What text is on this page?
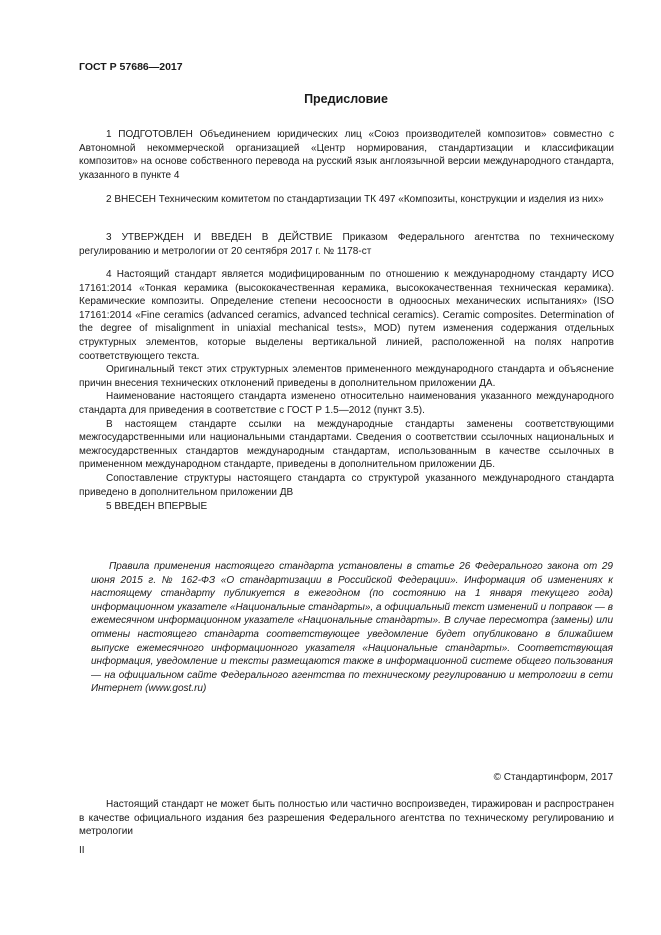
ГОСТ Р 57686—2017
Предисловие

1 ПОДГОТОВЛЕН Объединением юридических лиц «Союз производителей композитов» совместно с Автономной некоммерческой организацией «Центр нормирования, стандартизации и классификации композитов» на основе собственного перевода на русский язык англоязычной версии международного стандарта, указанного в пункте 4

2 ВНЕСЕН Техническим комитетом по стандартизации ТК 497 «Композиты, конструкции и изделия из них»

3 УТВЕРЖДЕН И ВВЕДЕН В ДЕЙСТВИЕ Приказом Федерального агентства по техническому регулированию и метрологии от 20 сентября 2017 г. № 1178-ст

4 Настоящий стандарт является модифицированным по отношению к международному стандарту ИСО 17161:2014 «Тонкая керамика (высококачественная керамика, высококачественная техническая керамика). Керамические композиты. Определение степени несоосности в одноосных механических испытаниях» (ISO 17161:2014 «Fine ceramics (advanced ceramics, advanced technical ceramics). Ceramic composites. Determination of the degree of misalignment in uniaxial mechanical tests», MOD) путем изменения содержания отдельных структурных элементов, которые выделены вертикальной линией, расположенной на полях напротив соответствующего текста.

Оригинальный текст этих структурных элементов примененного международного стандарта и объяснение причин внесения технических отклонений приведены в дополнительном приложении ДА.

Наименование настоящего стандарта изменено относительно наименования указанного международного стандарта для приведения в соответствие с ГОСТ Р 1.5—2012 (пункт 3.5).

В настоящем стандарте ссылки на международные стандарты заменены соответствующими межгосударственными или национальными стандартами. Сведения о соответствии ссылочных национальных и межгосударственных стандартов международным стандартам, использованным в качестве ссылочных в примененном международном стандарте, приведены в дополнительном приложении ДБ.

Сопоставление структуры настоящего стандарта со структурой указанного международного стандарта приведено в дополнительном приложении ДВ

5 ВВЕДЕН ВПЕРВЫЕ

Правила применения настоящего стандарта установлены в статье 26 Федерального закона от 29 июня 2015 г. № 162-ФЗ «О стандартизации в Российской Федерации». Информация об изменениях к настоящему стандарту публикуется в ежегодном (по состоянию на 1 января текущего года) информационном указателе «Национальные стандарты», а официальный текст изменений и поправок — в ежемесячном информационном указателе «Национальные стандарты». В случае пересмотра (замены) или отмены настоящего стандарта соответствующее уведомление будет опубликовано в ближайшем выпуске ежемесячного информационного указателя «Национальные стандарты». Соответствующая информация, уведомление и тексты размещаются также в информационной системе общего пользования — на официальном сайте Федерального агентства по техническому регулированию и метрологии в сети Интернет (www.gost.ru)

© Стандартинформ, 2017

Настоящий стандарт не может быть полностью или частично воспроизведен, тиражирован и распространен в качестве официального издания без разрешения Федерального агентства по техническому регулированию и метрологии

II
